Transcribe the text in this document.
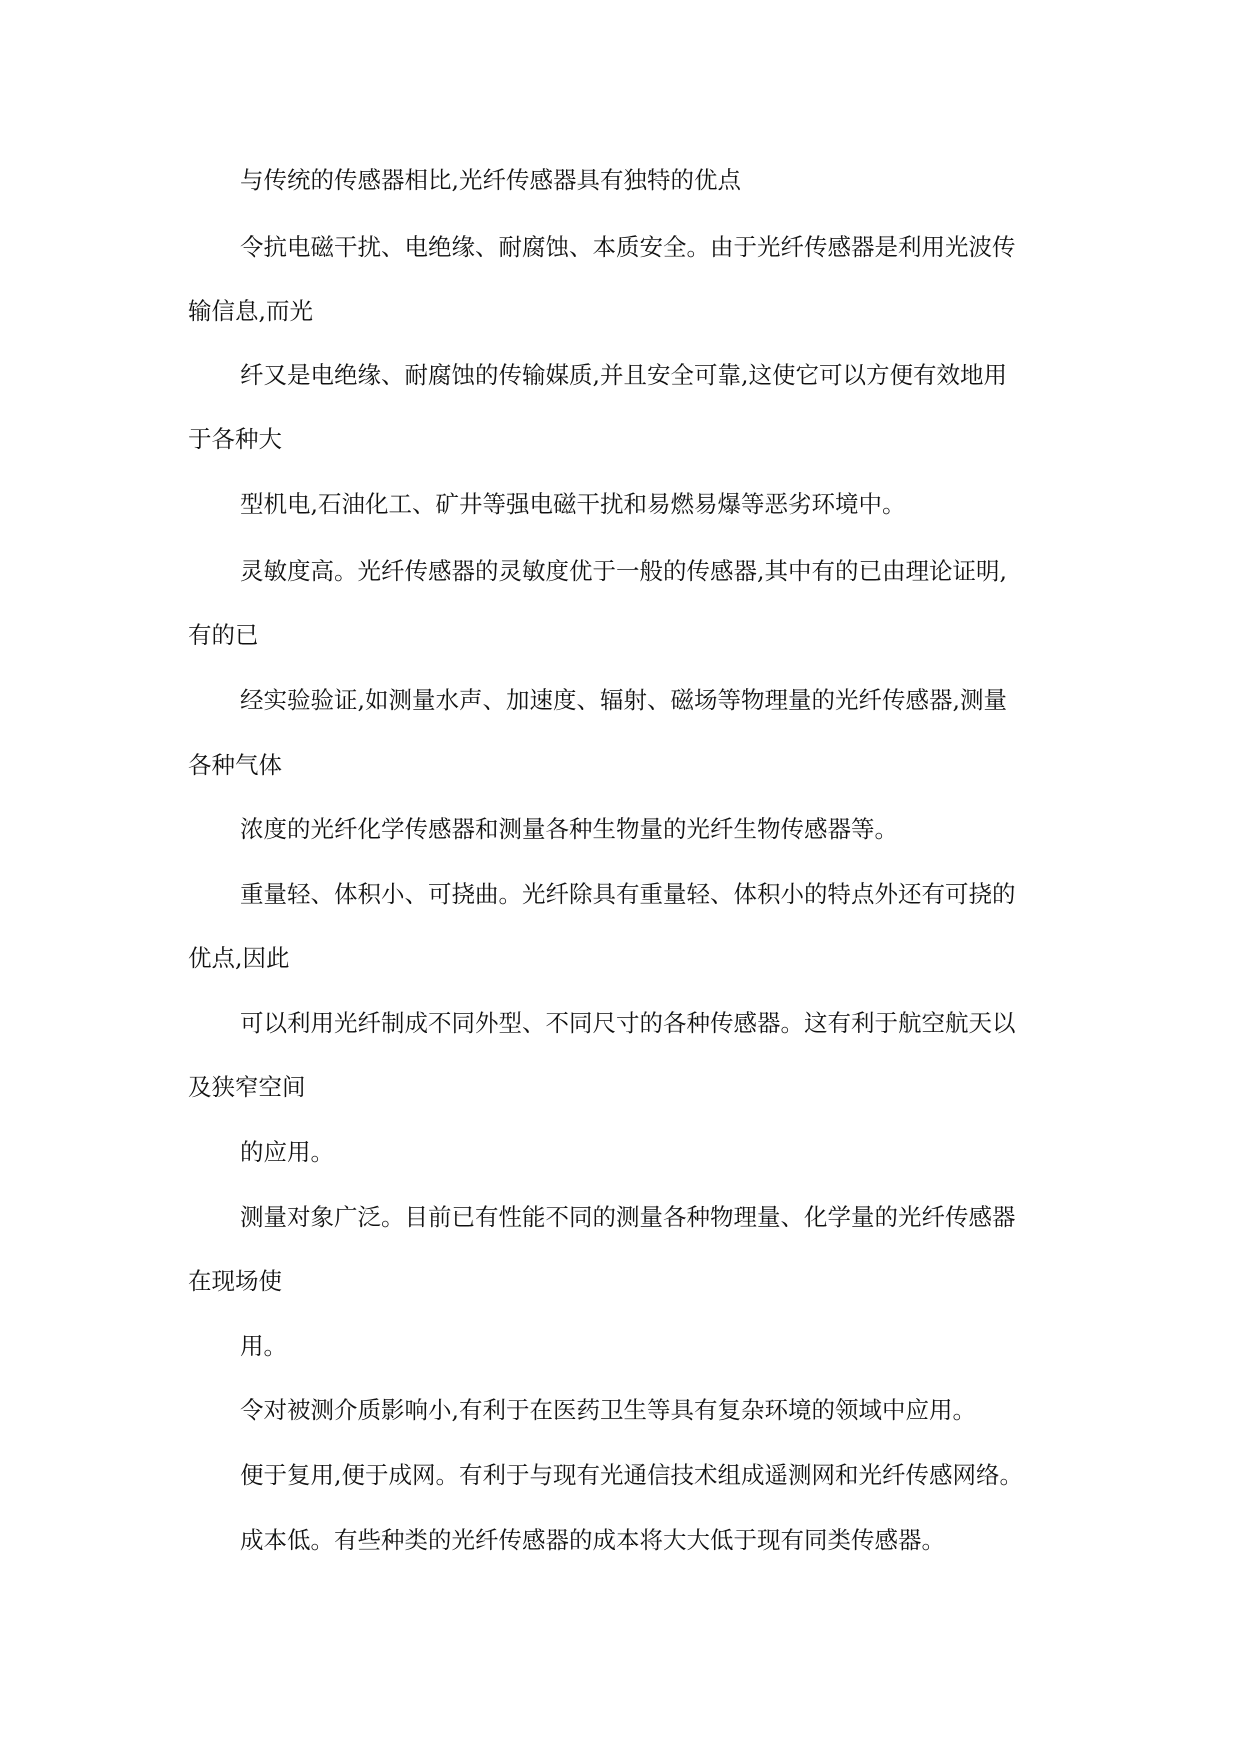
与传统的传感器相比,光纤传感器具有独特的优点
令抗电磁干扰、电绝缘、耐腐蚀、本质安全。由于光纤传感器是利用光波传
输信息,而光
纤又是电绝缘、耐腐蚀的传输媒质,并且安全可靠,这使它可以方便有效地用
于各种大
型机电,石油化工、矿井等强电磁干扰和易燃易爆等恶劣环境中。
灵敏度高。光纤传感器的灵敏度优于一般的传感器,其中有的已由理论证明,
有的已
经实验验证,如测量水声、加速度、辐射、磁场等物理量的光纤传感器,测量
各种气体
浓度的光纤化学传感器和测量各种生物量的光纤生物传感器等。
重量轻、体积小、可挠曲。光纤除具有重量轻、体积小的特点外还有可挠的
优点,因此
可以利用光纤制成不同外型、不同尺寸的各种传感器。这有利于航空航天以
及狭窄空间
的应用。
测量对象广泛。目前已有性能不同的测量各种物理量、化学量的光纤传感器
在现场使
用。
令对被测介质影响小,有利于在医药卫生等具有复杂环境的领域中应用。
便于复用,便于成网。有利于与现有光通信技术组成遥测网和光纤传感网络。
成本低。有些种类的光纤传感器的成本将大大低于现有同类传感器。
